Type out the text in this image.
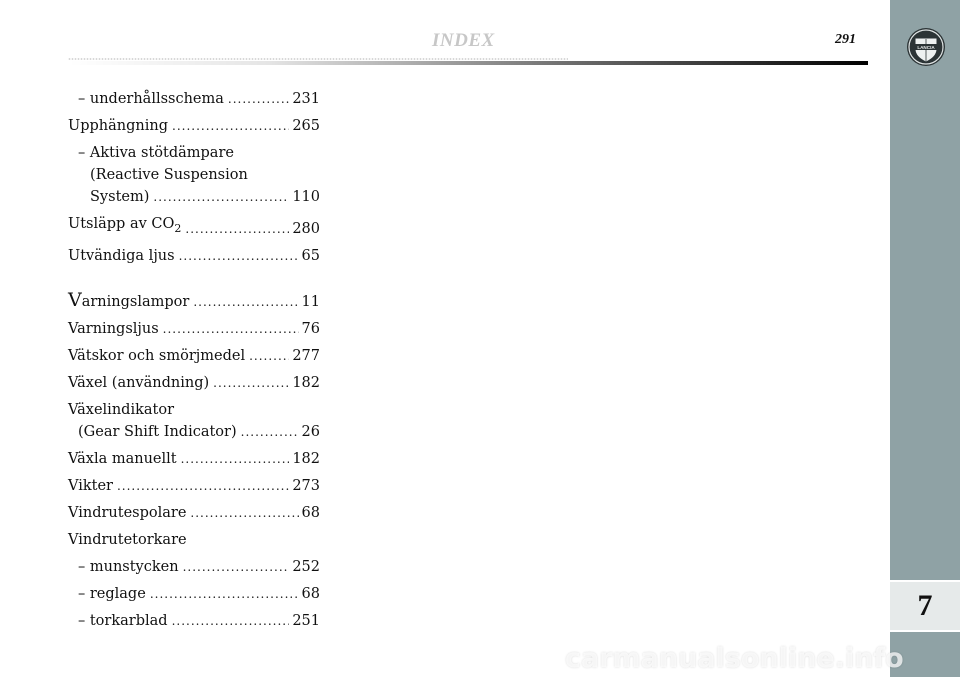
INDEX	291
LANCIA
7
– underhållsschema .....	231
Upphängning .....	265
– Aktiva stötdämpare
(Reactive Suspension
System) .....	110
Utsläpp av $CO_2$ .....	280
Utvändiga ljus .....	65
Varningslampor .....	11
Varningsljus .....	76
Vätskor och smörjmedel .....	277
Växel (användning) .....	182
Växelindikator
(Gear Shift Indicator) .....	26
Växla manuellt .....	182
Vikter .....	273
Vindrutespolare .....	68
Vindrutetorkare
– munstycken .....	252
– reglage .....	68
– torkarblad .....	251
carmanualsonline.info
